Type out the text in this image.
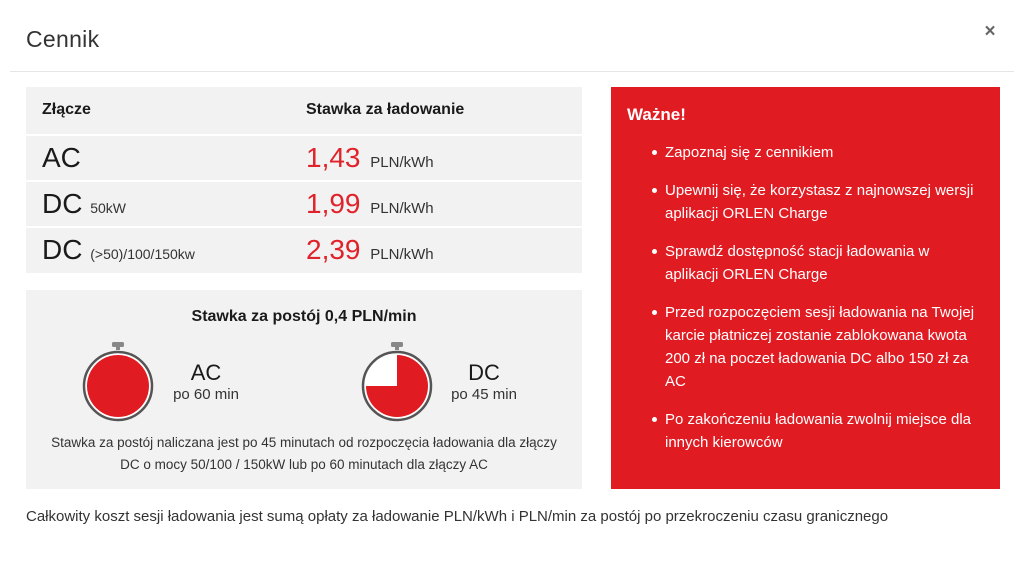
Cennik	×
Złącze	Stawka za ładowanie
AC	1,43 PLN/kWh
DC 50kW	1,99 PLN/kWh
DC (>50)/100/150kw	2,39 PLN/kWh
Stawka za postój 0,4 PLN/min
AC
po 60 min
DC
po 45 min
Stawka za postój naliczana jest po 45 minutach od rozpoczęcia ładowania dla złączy DC o mocy 50/100 / 150kW lub po 60 minutach dla złączy AC
Ważne!
Zapoznaj się z cennikiem
Upewnij się, że korzystasz z najnowszej wersji aplikacji ORLEN Charge
Sprawdź dostępność stacji ładowania w aplikacji ORLEN Charge
Przed rozpoczęciem sesji ładowania na Twojej karcie płatniczej zostanie zablokowana kwota 200 zł na poczet ładowania DC albo 150 zł za AC
Po zakończeniu ładowania zwolnij miejsce dla innych kierowców
Całkowity koszt sesji ładowania jest sumą opłaty za ładowanie PLN/kWh i PLN/min za postój po przekroczeniu czasu granicznego
